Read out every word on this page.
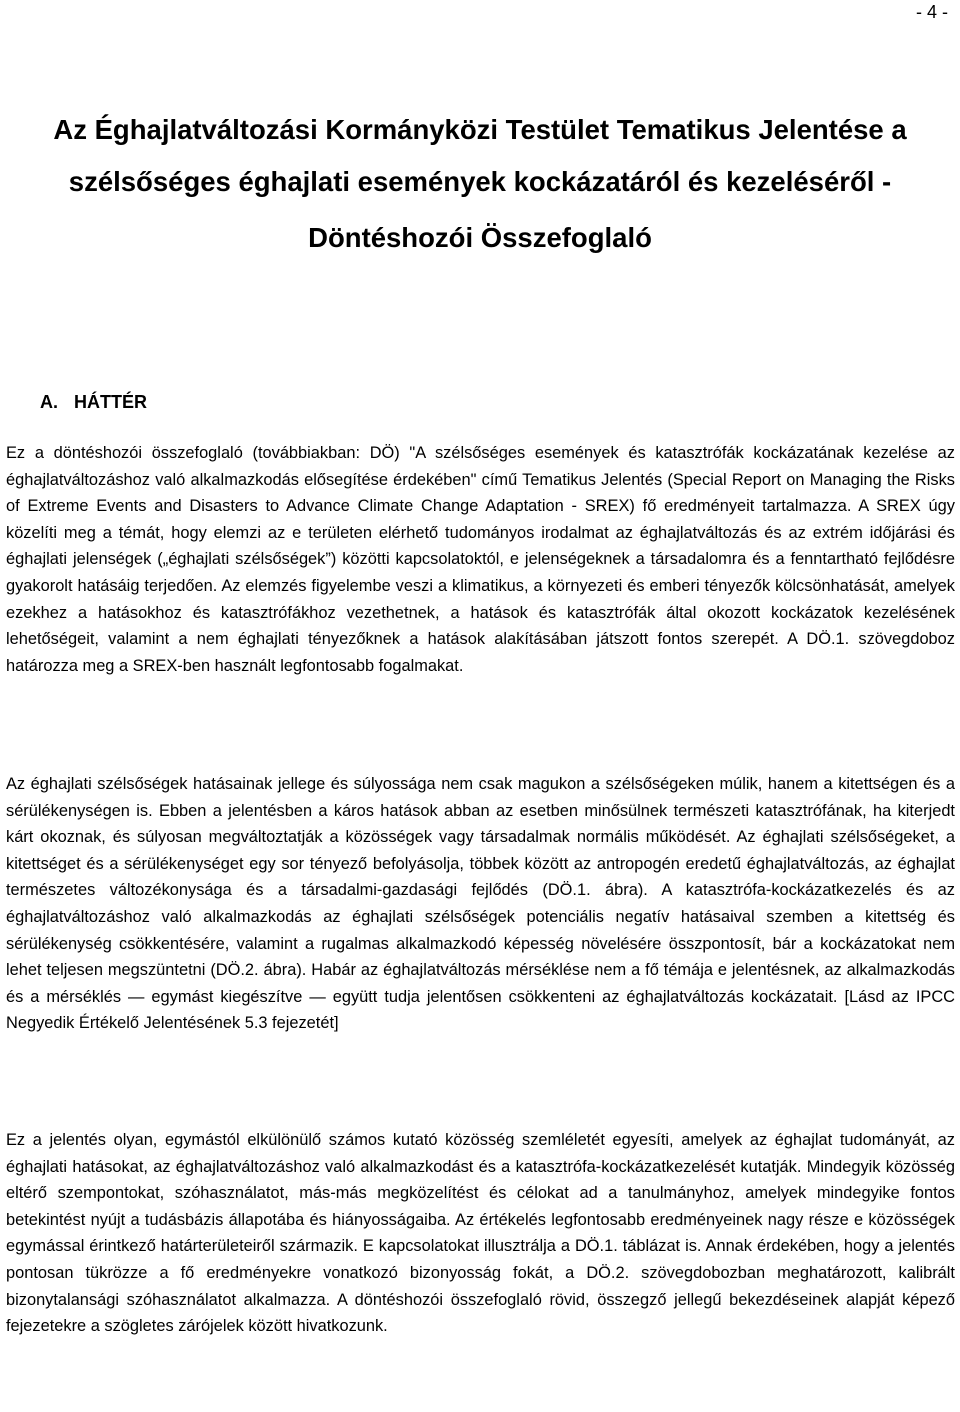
- 4 -
Az Éghajlatváltozási Kormányközi Testület Tematikus Jelentése a
szélsőséges éghajlati események kockázatáról és kezeléséről -
Döntéshozói Összefoglaló
A. HÁTTÉR

Ez a döntéshozói összefoglaló (továbbiakban: DÖ) "A szélsőséges események és katasztrófák kockázatának kezelése az éghajlatváltozáshoz való alkalmazkodás elősegítése érdekében" című Tematikus Jelentés (Special Report on Managing the Risks of Extreme Events and Disasters to Advance Climate Change Adaptation - SREX) fő eredményeit tartalmazza. A SREX úgy közelíti meg a témát, hogy elemzi az e területen elérhető tudományos irodalmat az éghajlatváltozás és az extrém időjárási és éghajlati jelenségek („éghajlati szélsőségek”) közötti kapcsolatoktól, e jelenségeknek a társadalomra és a fenntartható fejlődésre gyakorolt hatásáig terjedően. Az elemzés figyelembe veszi a klimatikus, a környezeti és emberi tényezők kölcsönhatását, amelyek ezekhez a hatásokhoz és katasztrófákhoz vezethetnek, a hatások és katasztrófák által okozott kockázatok kezelésének lehetőségeit, valamint a nem éghajlati tényezőknek a hatások alakításában játszott fontos szerepét. A DÖ.1. szövegdoboz határozza meg a SREX-ben használt legfontosabb fogalmakat.

Az éghajlati szélsőségek hatásainak jellege és súlyossága nem csak magukon a szélsőségeken múlik, hanem a kitettségen és a sérülékenységen is. Ebben a jelentésben a káros hatások abban az esetben minősülnek természeti katasztrófának, ha kiterjedt kárt okoznak, és súlyosan megváltoztatják a közösségek vagy társadalmak normális működését. Az éghajlati szélsőségeket, a kitettséget és a sérülékenységet egy sor tényező befolyásolja, többek között az antropogén eredetű éghajlatváltozás, az éghajlat természetes változékonysága és a társadalmi-gazdasági fejlődés (DÖ.1. ábra). A katasztrófa-kockázatkezelés és az éghajlatváltozáshoz való alkalmazkodás az éghajlati szélsőségek potenciális negatív hatásaival szemben a kitettség és sérülékenység csökkentésére, valamint a rugalmas alkalmazkodó képesség növelésére összpontosít, bár a kockázatokat nem lehet teljesen megszüntetni (DÖ.2. ábra). Habár az éghajlatváltozás mérséklése nem a fő témája e jelentésnek, az alkalmazkodás és a mérséklés — egymást kiegészítve — együtt tudja jelentősen csökkenteni az éghajlatváltozás kockázatait. [Lásd az IPCC Negyedik Értékelő Jelentésének 5.3 fejezetét]

Ez a jelentés olyan, egymástól elkülönülő számos kutató közösség szemléletét egyesíti, amelyek az éghajlat tudományát, az éghajlati hatásokat, az éghajlatváltozáshoz való alkalmazkodást és a katasztrófa-kockázatkezelését kutatják. Mindegyik közösség eltérő szempontokat, szóhasználatot, más-más megközelítést és célokat ad a tanulmányhoz, amelyek mindegyike fontos betekintést nyújt a tudásbázis állapotába és hiányosságaiba. Az értékelés legfontosabb eredményeinek nagy része e közösségek egymással érintkező határterületeiről származik. E kapcsolatokat illusztrálja a DÖ.1. táblázat is. Annak érdekében, hogy a jelentés pontosan tükrözze a fő eredményekre vonatkozó bizonyosság fokát, a DÖ.2. szövegdobozban meghatározott, kalibrált bizonytalansági szóhasználatot alkalmazza. A döntéshozói összefoglaló rövid, összegző jellegű bekezdéseinek alapját képező fejezetekre a szögletes zárójelek között hivatkozunk.
